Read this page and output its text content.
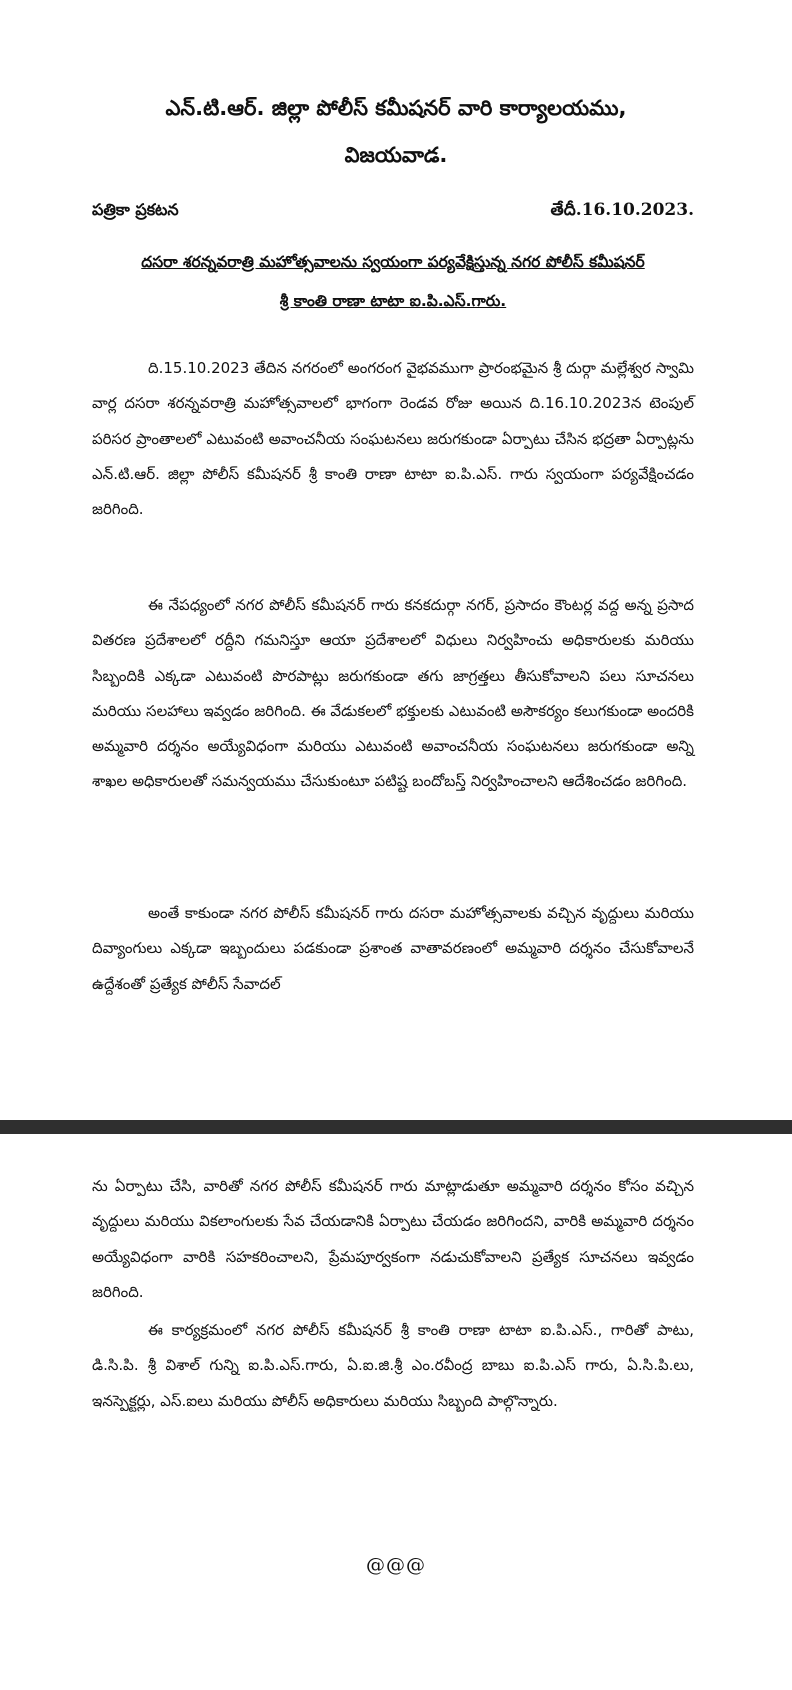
ఎన్.టి.ఆర్. జిల్లా పోలీస్ కమీషనర్ వారి కార్యాలయము,
విజయవాడ.
పత్రికా ప్రకటన	తేదీ.16.10.2023.
దసరా శరన్నవరాత్రి మహోత్సవాలను స్వయంగా పర్యవేక్షిస్తున్న నగర పోలీస్ కమీషనర్
శ్రీ కాంతి రాణా టాటా ఐ.పి.ఎస్.గారు.

ది.15.10.2023 తేదిన నగరంలో అంగరంగ వైభవముగా ప్రారంభమైన శ్రీ దుర్గా మల్లేశ్వర స్వామి వార్ల దసరా శరన్నవరాత్రి మహోత్సవాలలో భాగంగా రెండవ రోజు అయిన ది.16.10.2023న టెంపుల్ పరిసర ప్రాంతాలలో ఎటువంటి అవాంచనీయ సంఘటనలు జరుగకుండా ఏర్పాటు చేసిన భద్రతా ఏర్పాట్లను ఎన్.టి.ఆర్. జిల్లా పోలీస్ కమీషనర్ శ్రీ కాంతి రాణా టాటా ఐ.పి.ఎస్. గారు స్వయంగా పర్యవేక్షించడం జరిగింది.

ఈ నేపధ్యంలో నగర పోలీస్ కమీషనర్ గారు కనకదుర్గా నగర్, ప్రసాదం కౌంటర్ల వద్ద అన్న ప్రసాద వితరణ ప్రదేశాలలో రద్దీని గమనిస్తూ ఆయా ప్రదేశాలలో విధులు నిర్వహించు అధికారులకు మరియు సిబ్బందికి ఎక్కడా ఎటువంటి పొరపాట్లు జరుగకుండా తగు జాగ్రత్తలు తీసుకోవాలని పలు సూచనలు మరియు సలహాలు ఇవ్వడం జరిగింది. ఈ వేడుకలలో భక్తులకు ఎటువంటి అసౌకర్యం కలుగకుండా అందరికి అమ్మవారి దర్శనం అయ్యేవిధంగా మరియు ఎటువంటి అవాంచనీయ సంఘటనలు జరుగకుండా అన్ని శాఖల అధికారులతో సమన్వయము చేసుకుంటూ పటిష్ట బందోబస్త్ నిర్వహించాలని ఆదేశించడం జరిగింది.

అంతే కాకుండా నగర పోలీస్ కమీషనర్ గారు దసరా మహోత్సవాలకు వచ్చిన వృద్దులు మరియు దివ్యాంగులు ఎక్కడా ఇబ్బందులు పడకుండా ప్రశాంత వాతావరణంలో అమ్మవారి దర్శనం చేసుకోవాలనే ఉద్దేశంతో ప్రత్యేక పోలీస్ సేవాదల్

ను ఏర్పాటు చేసి, వారితో నగర పోలీస్ కమీషనర్ గారు మాట్లాడుతూ అమ్మవారి దర్శనం కోసం వచ్చిన వృద్దులు మరియు వికలాంగులకు సేవ చేయడానికి ఏర్పాటు చేయడం జరిగిందని, వారికి అమ్మవారి దర్శనం అయ్యేవిధంగా వారికి సహకరించాలని, ప్రేమపూర్వకంగా నడుచుకోవాలని ప్రత్యేక సూచనలు ఇవ్వడం జరిగింది.

ఈ కార్యక్రమంలో నగర పోలీస్ కమీషనర్ శ్రీ కాంతి రాణా టాటా ఐ.పి.ఎస్., గారితో పాటు, డి.సి.పి. శ్రీ విశాల్ గున్ని ఐ.పి.ఎస్.గారు, ఏ.ఐ.జి.శ్రీ ఎం.రవీంద్ర బాబు ఐ.పి.ఎస్ గారు, ఏ.సి.పి.లు, ఇనస్పెక్టర్లు, ఎస్.ఐలు మరియు పోలీస్ అధికారులు మరియు సిబ్బంది పాల్గొన్నారు.

@@@
